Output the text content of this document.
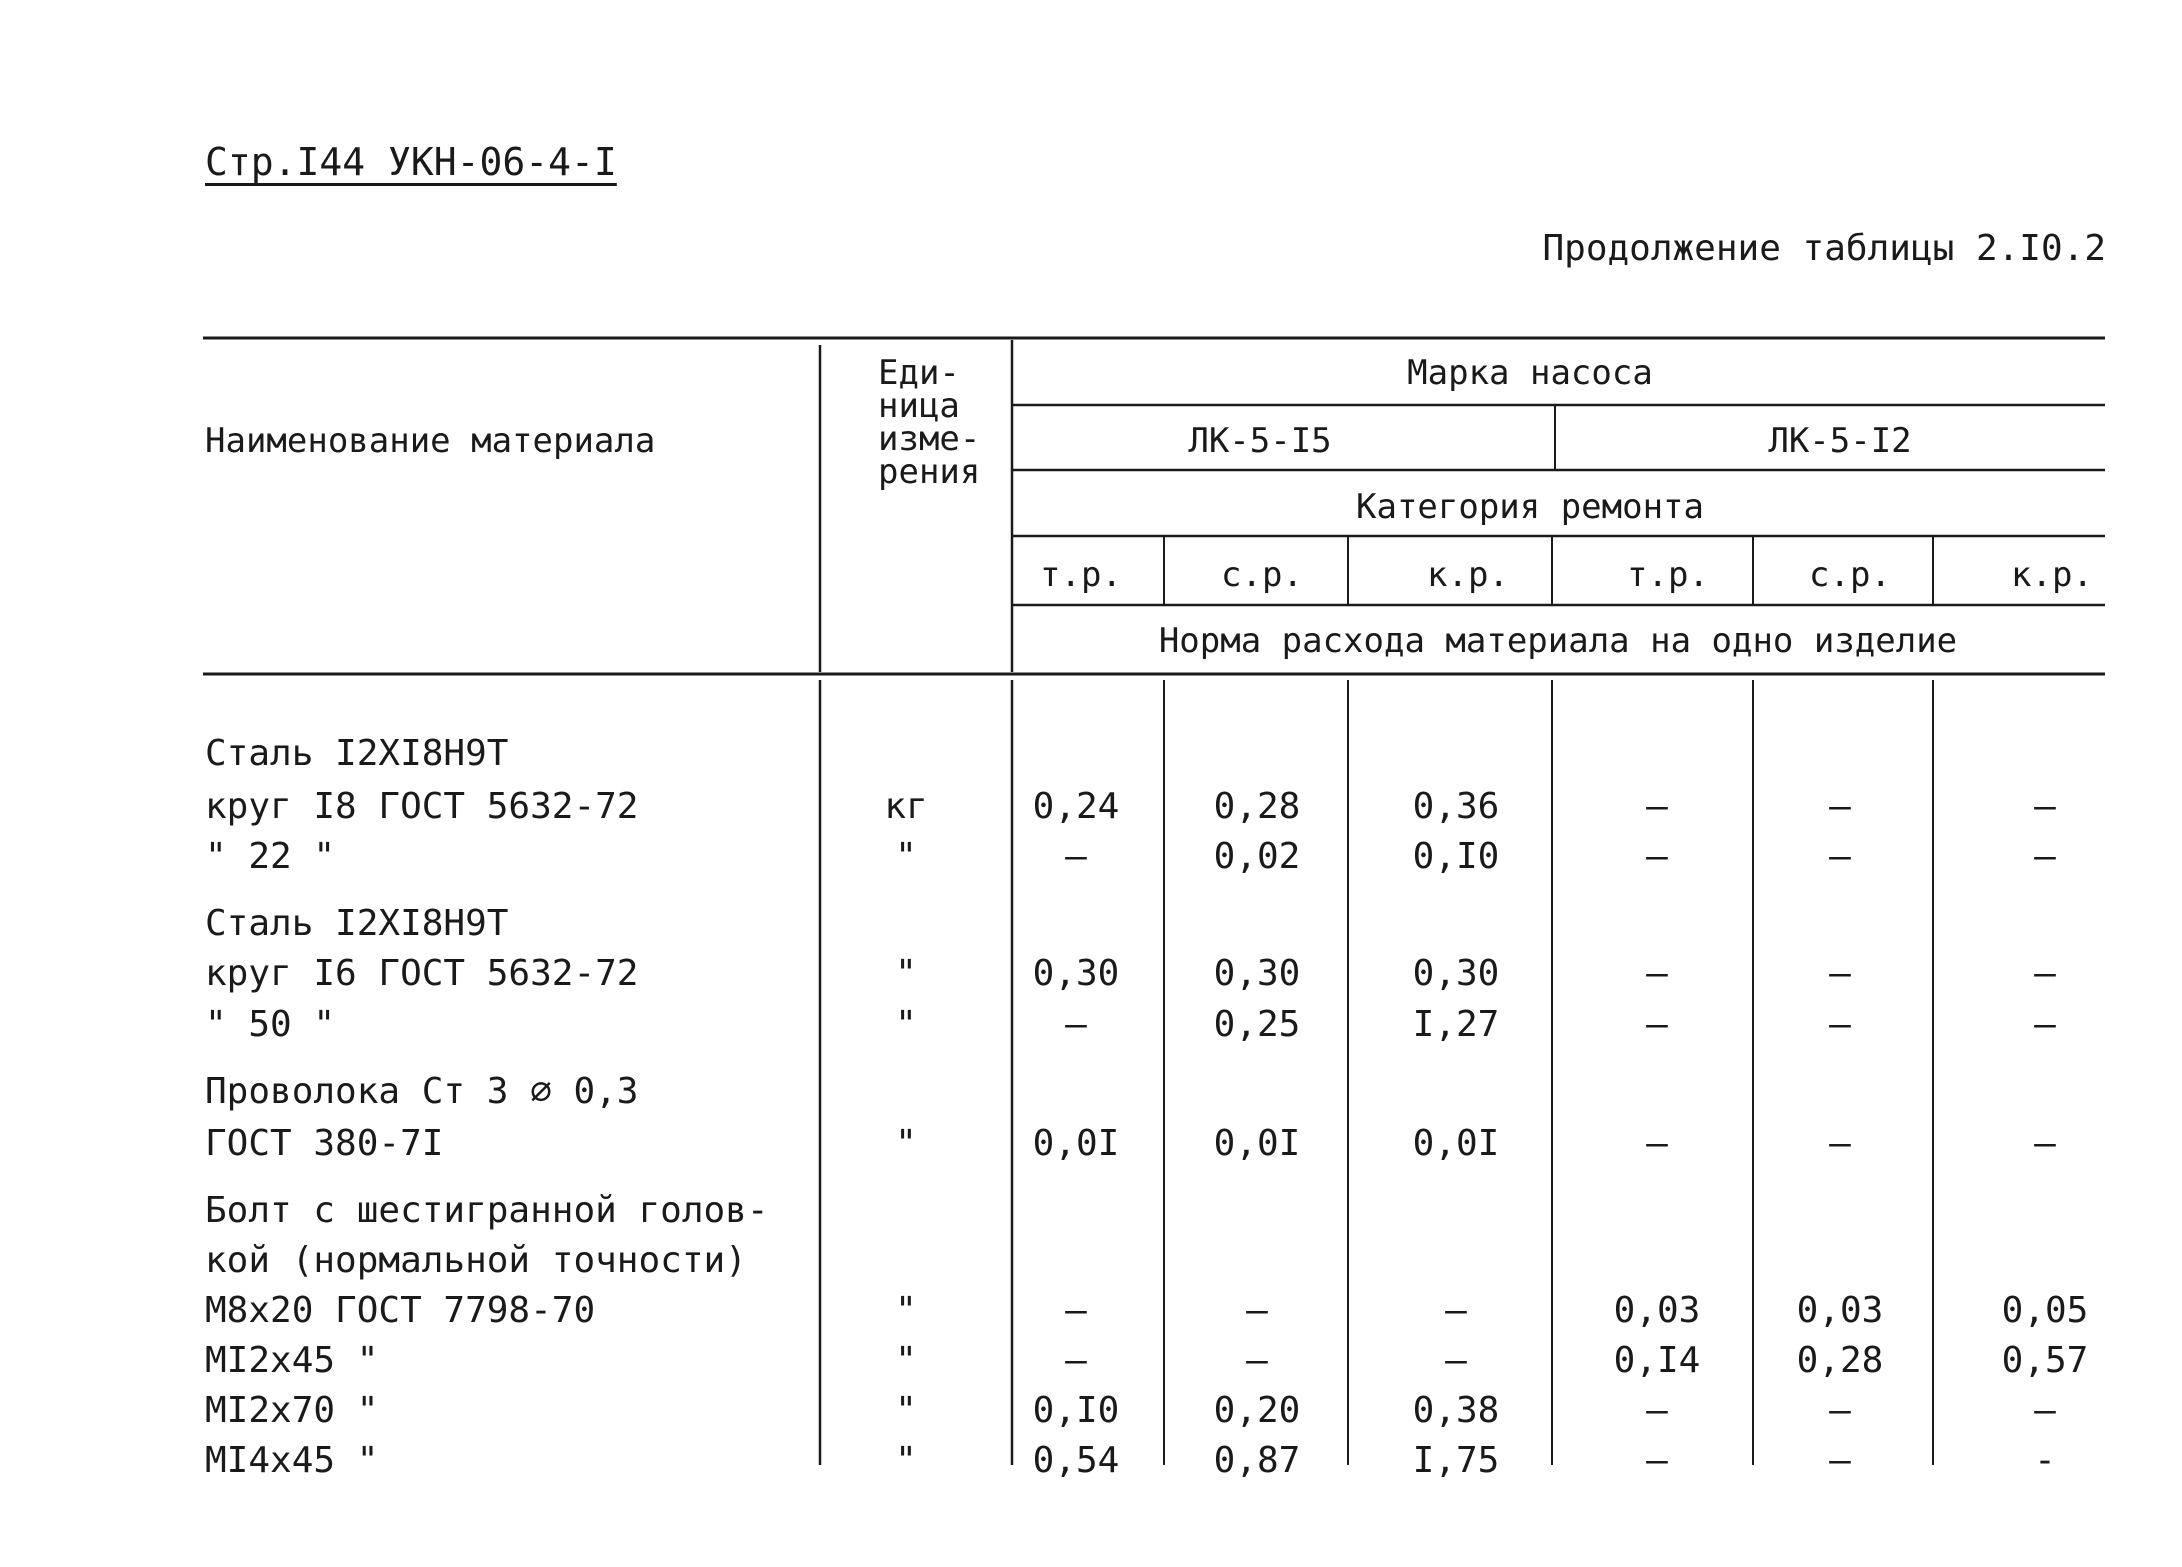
Стр.I44 УКН-06-4-I
Продолжение таблицы 2.I0.2
Наименование материала
Еди-
ница
изме-
рения
Марка насоса
ЛК-5-I5	ЛК-5-I2
Категория ремонта
т.р.	с.р.	к.р.	т.р.	с.р.	к.р.
Норма расхода материала на одно изделие
Сталь I2XI8H9T
круг I8 ГОСТ 5632-72	кг	0,24	0,28	0,36	–	–	–
" 22 "	"	–	0,02	0,I0	–	–	–
Сталь I2XI8H9T
круг I6 ГОСТ 5632-72	"	0,30	0,30	0,30	–	–	–
" 50 "	"	–	0,25	I,27	–	–	–
Проволока Ст 3 ∅ 0,3
ГОСТ 380-7I	"	0,0I	0,0I	0,0I	–	–	–
Болт с шестигранной голов-
кой (нормальной точности)
M8x20 ГОСТ 7798-70	"	–	–	–	0,03	0,03	0,05
MI2x45 "	"	–	–	–	0,I4	0,28	0,57
MI2x70 "	"	0,I0	0,20	0,38	–	–	–
MI4x45 "	"	0,54	0,87	I,75	–	–	-
